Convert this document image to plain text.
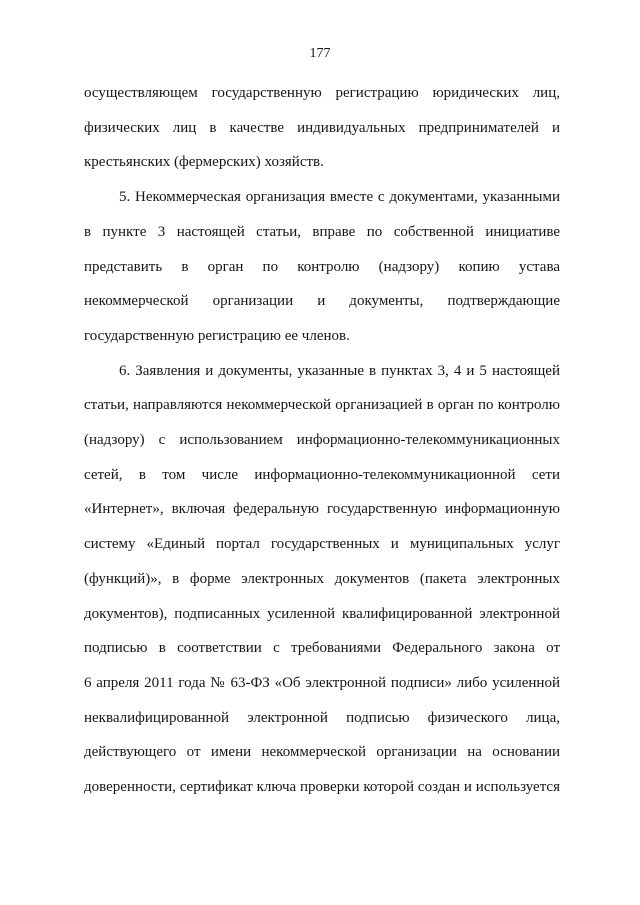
177

осуществляющем государственную регистрацию юридических лиц,
физических лиц в качестве индивидуальных предпринимателей и
крестьянских (фермерских) хозяйств.

5. Некоммерческая организация вместе с документами, указанными
в пункте 3 настоящей статьи, вправе по собственной инициативе
представить в орган по контролю (надзору) копию устава
некоммерческой организации и документы, подтверждающие
государственную регистрацию ее членов.

6. Заявления и документы, указанные в пунктах 3, 4 и 5 настоящей
статьи, направляются некоммерческой организацией в орган по контролю
(надзору) с использованием информационно-телекоммуникационных
сетей, в том числе информационно-телекоммуникационной сети
«Интернет», включая федеральную государственную информационную
систему «Единый портал государственных и муниципальных услуг
(функций)», в форме электронных документов (пакета электронных
документов), подписанных усиленной квалифицированной электронной
подписью в соответствии с требованиями Федерального закона от
6 апреля 2011 года № 63-ФЗ «Об электронной подписи» либо усиленной
неквалифицированной электронной подписью физического лица,
действующего от имени некоммерческой организации на основании
доверенности, сертификат ключа проверки которой создан и используется
